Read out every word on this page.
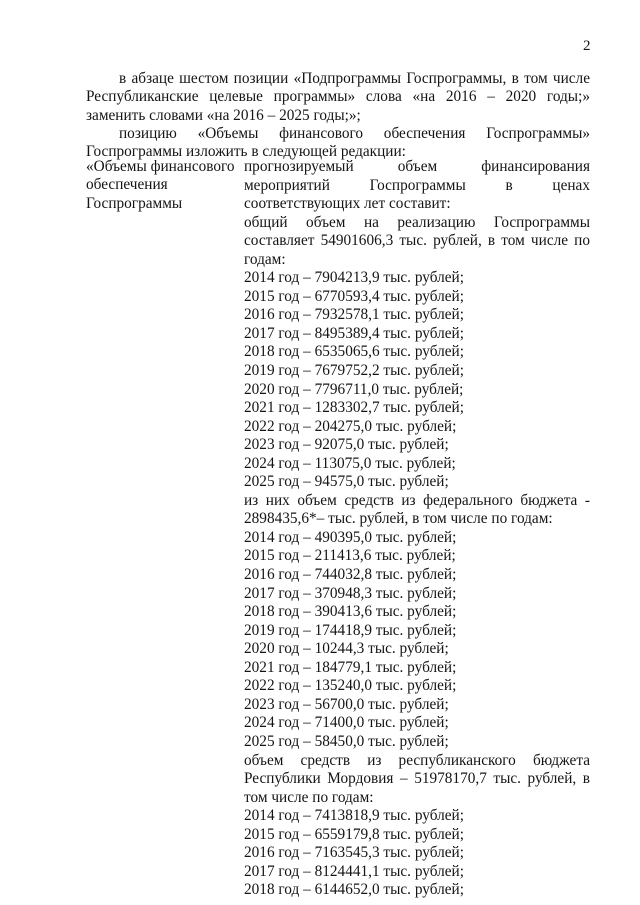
2
в абзаце шестом позиции «Подпрограммы Госпрограммы, в том числе Республиканские целевые программы» слова «на 2016 – 2020 годы;» заменить словами «на 2016 – 2025 годы;»;
позицию «Объемы финансового обеспечения Госпрограммы» Госпрограммы изложить в следующей редакции:
«Объемы финансового обеспечения Госпрограммы
прогнозируемый объем финансирования мероприятий Госпрограммы в ценах соответствующих лет составит:
общий объем на реализацию Госпрограммы составляет 54901606,3 тыс. рублей, в том числе по годам:
2014 год – 7904213,9 тыс. рублей;
2015 год – 6770593,4 тыс. рублей;
2016 год – 7932578,1 тыс. рублей;
2017 год – 8495389,4 тыс. рублей;
2018 год – 6535065,6 тыс. рублей;
2019 год – 7679752,2 тыс. рублей;
2020 год – 7796711,0 тыс. рублей;
2021 год – 1283302,7 тыс. рублей;
2022 год – 204275,0 тыс. рублей;
2023 год – 92075,0 тыс. рублей;
2024 год – 113075,0 тыс. рублей;
2025 год – 94575,0 тыс. рублей;
из них объем средств из федерального бюджета - 2898435,6*– тыс. рублей, в том числе по годам:
2014 год – 490395,0 тыс. рублей;
2015 год – 211413,6 тыс. рублей;
2016 год – 744032,8 тыс. рублей;
2017 год – 370948,3 тыс. рублей;
2018 год – 390413,6 тыс. рублей;
2019 год – 174418,9 тыс. рублей;
2020 год – 10244,3 тыс. рублей;
2021 год – 184779,1 тыс. рублей;
2022 год – 135240,0 тыс. рублей;
2023 год – 56700,0 тыс. рублей;
2024 год – 71400,0 тыс. рублей;
2025 год – 58450,0 тыс. рублей;
объем средств из республиканского бюджета Республики Мордовия – 51978170,7 тыс. рублей, в том числе по годам:
2014 год – 7413818,9 тыс. рублей;
2015 год – 6559179,8 тыс. рублей;
2016 год – 7163545,3 тыс. рублей;
2017 год – 8124441,1 тыс. рублей;
2018 год – 6144652,0 тыс. рублей;
